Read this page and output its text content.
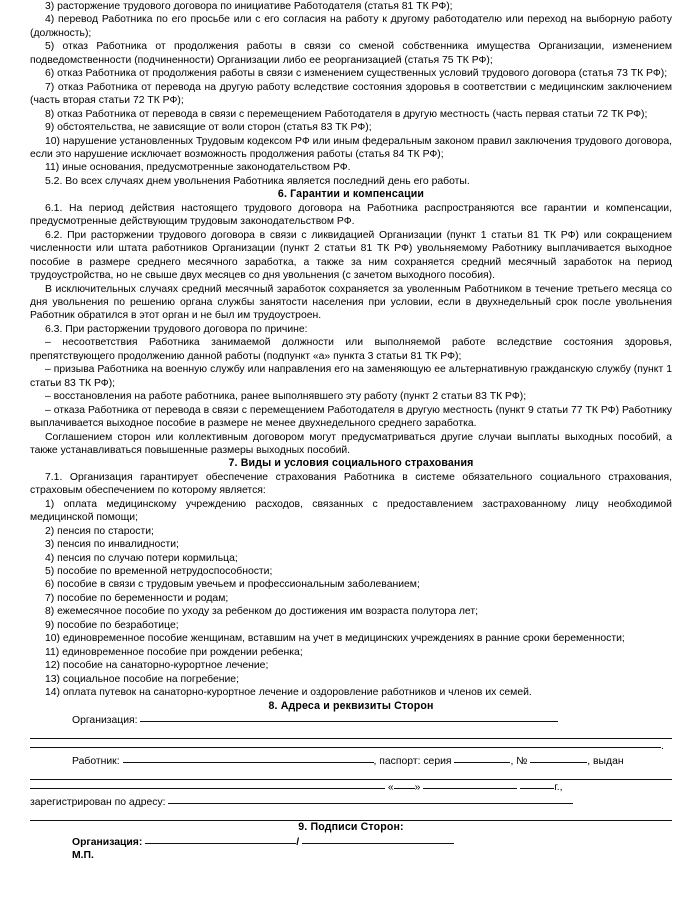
3) расторжение трудового договора по инициативе Работодателя (статья 81 ТК РФ);

4) перевод Работника по его просьбе или с его согласия на работу к другому работодателю или переход на выборную работу (должность);

5) отказ Работника от продолжения работы в связи со сменой собственника имущества Организации, изменением подведомственности (подчиненности) Организации либо ее реорганизацией (статья 75 ТК РФ);

6) отказ Работника от продолжения работы в связи с изменением существенных условий трудового договора (статья 73 ТК РФ);

7) отказ Работника от перевода на другую работу вследствие состояния здоровья в соответствии с медицинским заключением (часть вторая статьи 72 ТК РФ);

8) отказ Работника от перевода в связи с перемещением Работодателя в другую местность (часть первая статьи 72 ТК РФ);

9) обстоятельства, не зависящие от воли сторон (статья 83 ТК РФ);

10) нарушение установленных Трудовым кодексом РФ или иным федеральным законом правил заключения трудового договора, если это нарушение исключает возможность продолжения работы (статья 84 ТК РФ);

11) иные основания, предусмотренные законодательством РФ.

5.2. Во всех случаях днем увольнения Работника является последний день его работы.

6. Гарантии и компенсации

6.1. На период действия настоящего трудового договора на Работника распространяются все гарантии и компенсации, предусмотренные действующим трудовым законодательством РФ.

6.2. При расторжении трудового договора в связи с ликвидацией Организации (пункт 1 статьи 81 ТК РФ) или сокращением численности или штата работников Организации (пункт 2 статьи 81 ТК РФ) увольняемому Работнику выплачивается выходное пособие в размере среднего месячного заработка, а также за ним сохраняется средний месячный заработок на период трудоустройства, но не свыше двух месяцев со дня увольнения (с зачетом выходного пособия).

В исключительных случаях средний месячный заработок сохраняется за уволенным Работником в течение третьего месяца со дня увольнения по решению органа службы занятости населения при условии, если в двухнедельный срок после увольнения Работник обратился в этот орган и не был им трудоустроен.

6.3. При расторжении трудового договора по причине:

– несоответствия Работника занимаемой должности или выполняемой работе вследствие состояния здоровья, препятствующего продолжению данной работы (подпункт «а» пункта 3 статьи 81 ТК РФ);

– призыва Работника на военную службу или направления его на заменяющую ее альтернативную гражданскую службу (пункт 1 статьи 83 ТК РФ);

– восстановления на работе работника, ранее выполнявшего эту работу (пункт 2 статьи 83 ТК РФ);

– отказа Работника от перевода в связи с перемещением Работодателя в другую местность (пункт 9 статьи 77 ТК РФ) Работнику выплачивается выходное пособие в размере не менее двухнедельного среднего заработка.

Соглашением сторон или коллективным договором могут предусматриваться другие случаи выплаты выходных пособий, а также устанавливаться повышенные размеры выходных пособий.

7. Виды и условия социального страхования

7.1. Организация гарантирует обеспечение страхования Работника в системе обязательного социального страхования, страховым обеспечением по которому является:

1) оплата медицинскому учреждению расходов, связанных с предоставлением застрахованному лицу необходимой медицинской помощи;

2) пенсия по старости;

3) пенсия по инвалидности;

4) пенсия по случаю потери кормильца;

5) пособие по временной нетрудоспособности;

6) пособие в связи с трудовым увечьем и профессиональным заболеванием;

7) пособие по беременности и родам;

8) ежемесячное пособие по уходу за ребенком до достижения им возраста полутора лет;

9) пособие по безработице;

10) единовременное пособие женщинам, вставшим на учет в медицинских учреждениях в ранние сроки беременности;

11) единовременное пособие при рождении ребенка;

12) пособие на санаторно-курортное лечение;

13) социальное пособие на погребение;

14) оплата путевок на санаторно-курортное лечение и оздоровление работников и членов их семей.

8. Адреса и реквизиты Сторон
Организация:
.
Работник:	, паспорт: серия	, №	, выдан
« »	г.,
зарегистрирован по адресу:
9. Подписи Сторон:
Организация:	/
М.П.
